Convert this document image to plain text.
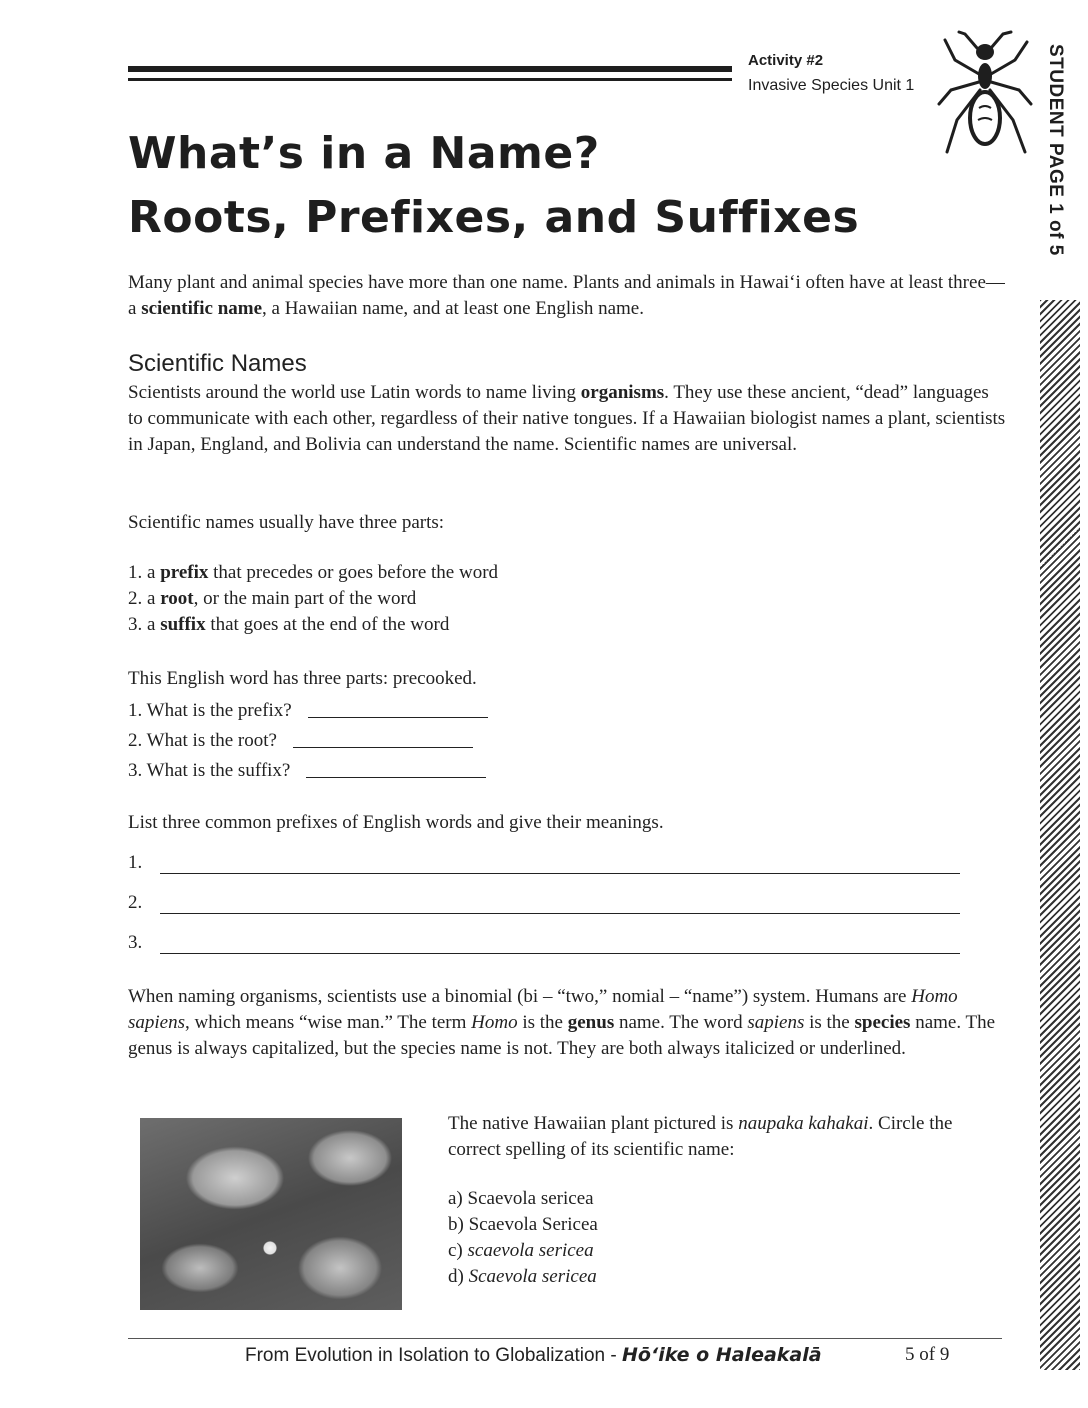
Activity #2
Invasive Species Unit 1	STUDENT PAGE 1 of 5
What’s in a Name?
Roots, Prefixes, and Suffixes
Many plant and animal species have more than one name. Plants and animals in Hawai‘i often have at least three—a scientific name, a Hawaiian name, and at least one English name.
Scientific Names
Scientists around the world use Latin words to name living organisms. They use these ancient, “dead” languages to communicate with each other, regardless of their native tongues. If a Hawaiian biologist names a plant, scientists in Japan, England, and Bolivia can understand the name. Scientific names are universal.
Scientific names usually have three parts:
1. a prefix that precedes or goes before the word
2. a root, or the main part of the word
3. a suffix that goes at the end of the word
This English word has three parts: precooked.
1. What is the prefix?
2. What is the root?
3. What is the suffix?
List three common prefixes of English words and give their meanings.
1.
2.
3.
When naming organisms, scientists use a binomial (bi – “two,” nomial – “name”) system. Humans are Homo sapiens, which means “wise man.” The term Homo is the genus name. The word sapiens is the species name. The genus is always capitalized, but the species name is not. They are both always italicized or underlined.
The native Hawaiian plant pictured is naupaka kahakai. Circle the correct spelling of its scientific name:
a) Scaevola sericea
b) Scaevola Sericea
c) scaevola sericea
d) Scaevola sericea
From Evolution in Isolation to Globalization - Hō‘ike o Haleakalā	5 of 9
